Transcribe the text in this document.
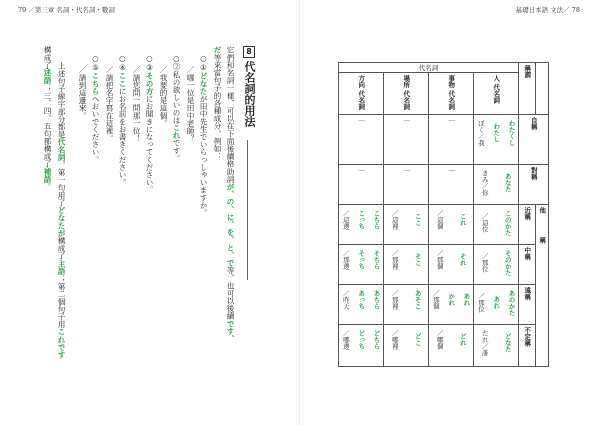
79 ／第三章 名詞・代名詞・數詞	基礎日本語 文法／ 78
8
代名詞的用法
它們和名詞一樣，可以在下面後續格助詞が、の、に、を、と、で等，也可以後續です、
だ等來當句子的各種成分，例如：
○①どなたが田中先生でいらっしゃいますか。
／哪一位是田中老師？
○②私の欲しいのはこれです。
／我要的是這個。
○③その方にお聞きになってください。
／請您問一問那一位！
○④ここにお名前をお書きください。
／請把名字寫在這裡。
○⑤こちらへおいでください。
／請到這邊來。
上述句子線字部分都是代名詞，第一句用了どなたが構成了主語；第二個句子用これです
構成了述語；三、四、五句都構成了補語。
代名詞				稱謂	
方向 代名詞	場所 代名詞	事物 代名詞	人 代名詞		
｜	｜	｜	ぼく／我 わたし わたくし	自稱	
｜	｜	｜	きみ／你 あなた	對稱	

／這邊 こっち こちら	／這裡 ここ	／這個 これ	／這位 このかた	近稱	他
稱

／那邊 そっち そちら	／那裡 そこ	／那個 それ	／那位 そのかた	中稱	

／昨天 あっち あちら	／那裡 あそこ	／那個 かれ あれ	／那位 あれ あのかた	遠稱	

／哪邊 どっち どちら	／哪裡 どこ	／哪個 どれ	だれ／誰 どなた	不定稱	
